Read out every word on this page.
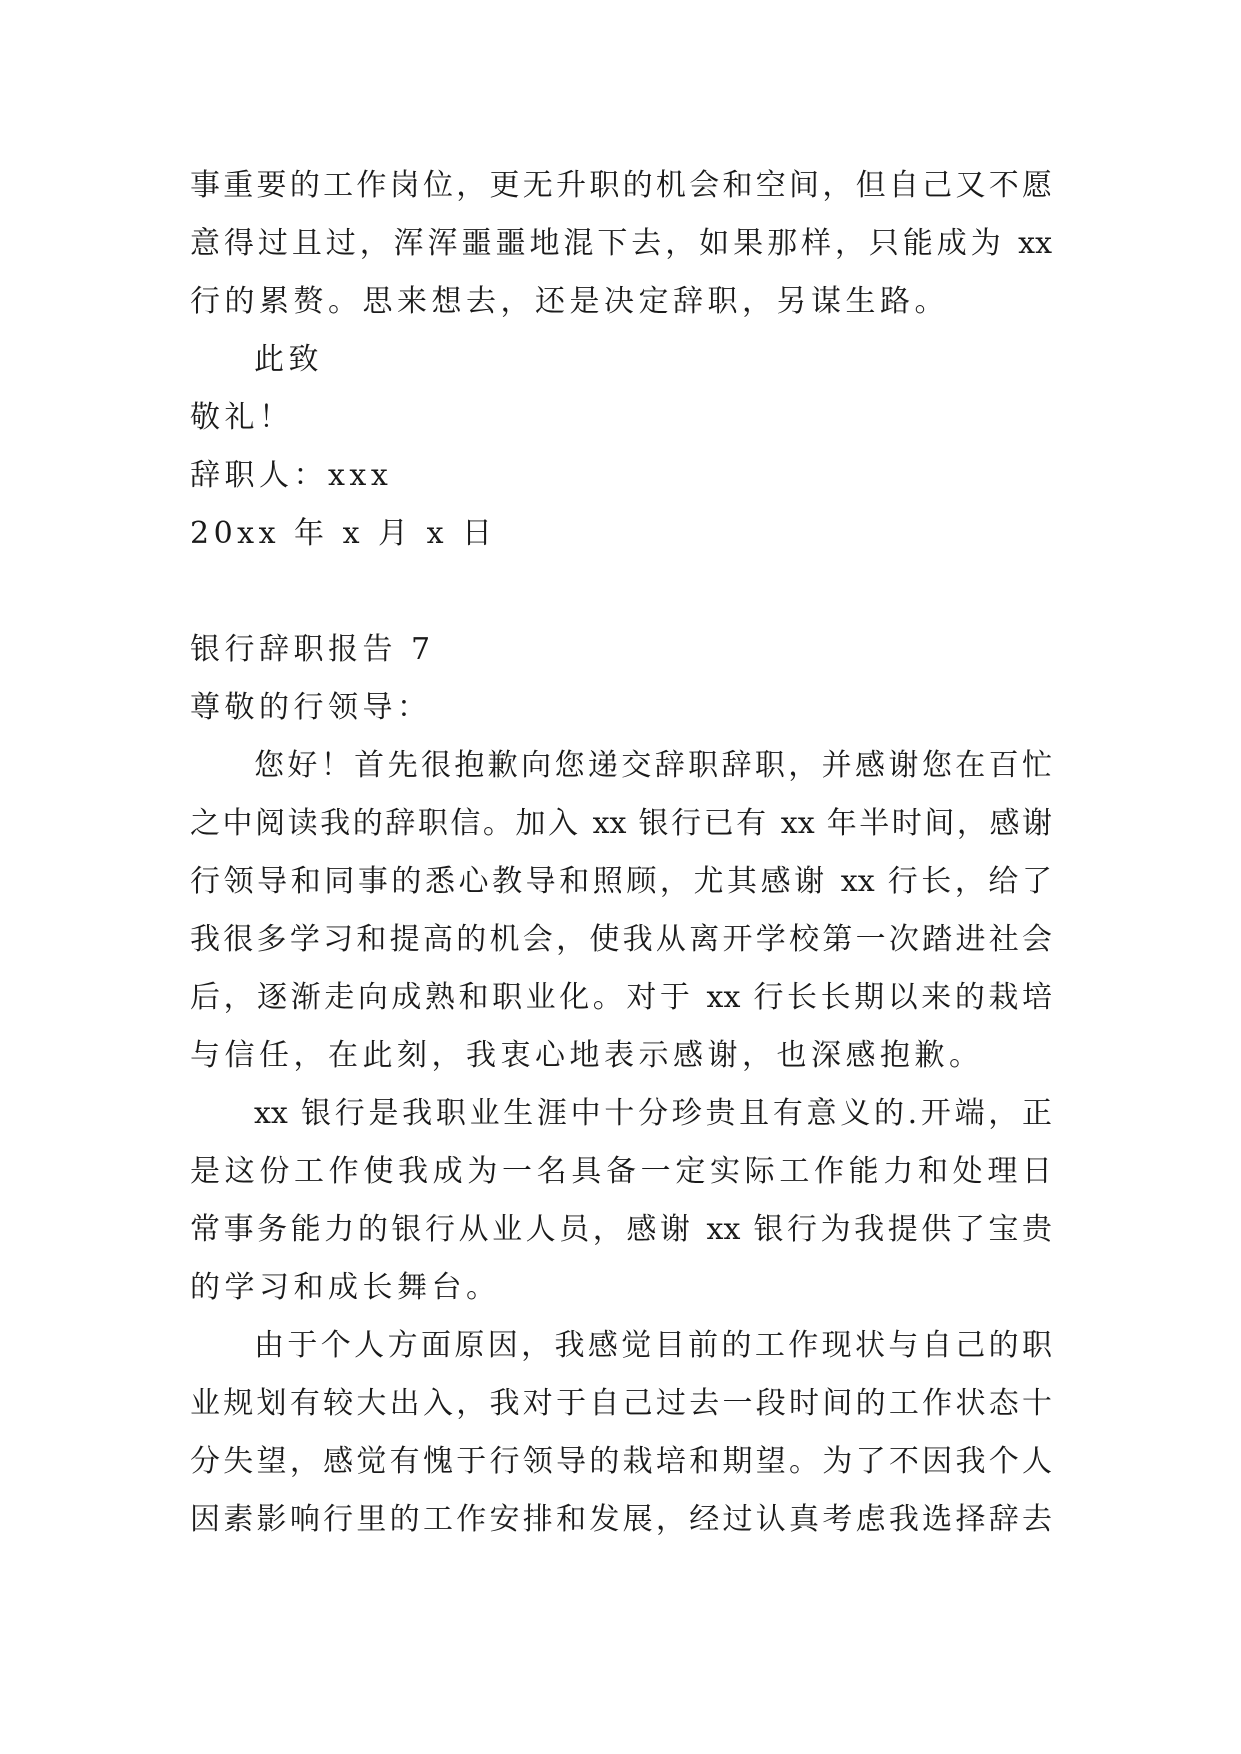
事重要的工作岗位，更无升职的机会和空间，但自己又不愿
意得过且过，浑浑噩噩地混下去，如果那样，只能成为 xx
行的累赘。思来想去，还是决定辞职，另谋生路。
此致
敬礼！
辞职人：xxx
20xx 年 x 月 x 日
银行辞职报告 7
尊敬的行领导：
您好！首先很抱歉向您递交辞职辞职，并感谢您在百忙
之中阅读我的辞职信。加入 xx 银行已有 xx 年半时间，感谢
行领导和同事的悉心教导和照顾，尤其感谢 xx 行长，给了
我很多学习和提高的机会，使我从离开学校第一次踏进社会
后，逐渐走向成熟和职业化。对于 xx 行长长期以来的栽培
与信任，在此刻，我衷心地表示感谢，也深感抱歉。
xx 银行是我职业生涯中十分珍贵且有意义的.开端，正
是这份工作使我成为一名具备一定实际工作能力和处理日
常事务能力的银行从业人员，感谢 xx 银行为我提供了宝贵
的学习和成长舞台。
由于个人方面原因，我感觉目前的工作现状与自己的职
业规划有较大出入，我对于自己过去一段时间的工作状态十
分失望，感觉有愧于行领导的栽培和期望。为了不因我个人
因素影响行里的工作安排和发展，经过认真考虑我选择辞去
